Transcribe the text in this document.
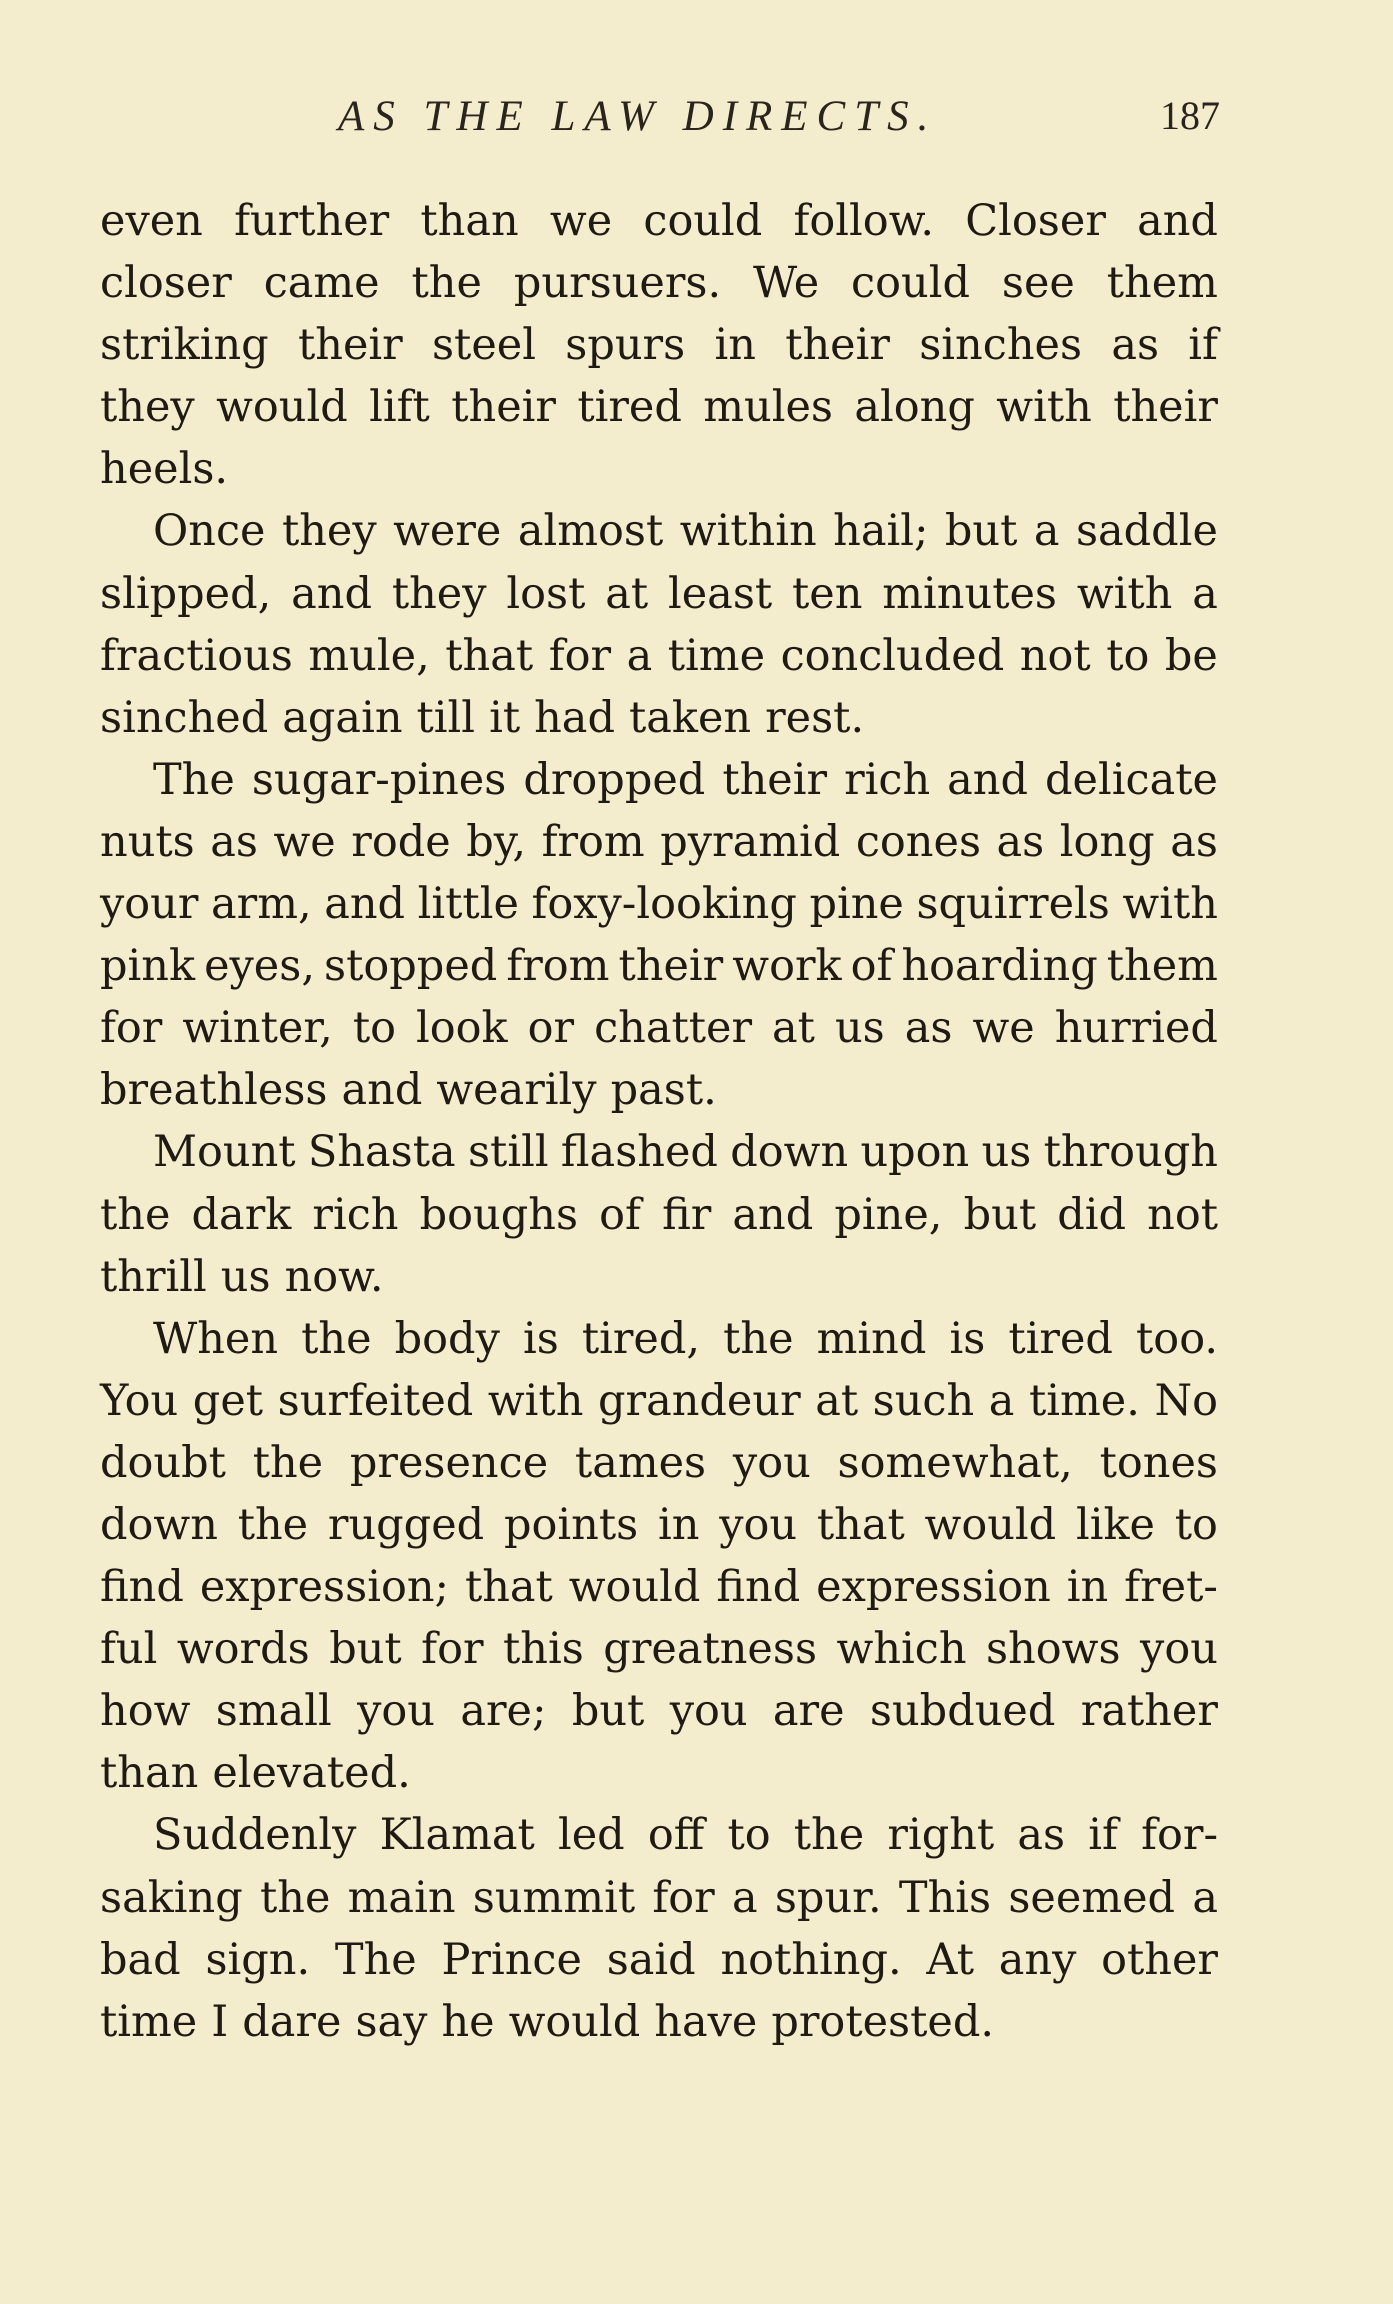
AS THE LAW DIRECTS.	187
even further than we could follow. Closer and
closer came the pursuers. We could see them
striking their steel spurs in their sinches as if
they would lift their tired mules along with their
heels.
Once they were almost within hail; but a saddle
slipped, and they lost at least ten minutes with a
fractious mule, that for a time concluded not to be
sinched again till it had taken rest.
The sugar-pines dropped their rich and delicate
nuts as we rode by, from pyramid cones as long as
your arm, and little foxy-looking pine squirrels with
pink eyes, stopped from their work of hoarding them
for winter, to look or chatter at us as we hurried
breathless and wearily past.
Mount Shasta still flashed down upon us through
the dark rich boughs of fir and pine, but did not
thrill us now.
When the body is tired, the mind is tired too.
You get surfeited with grandeur at such a time. No
doubt the presence tames you somewhat, tones
down the rugged points in you that would like to
find expression; that would find expression in fret-
ful words but for this greatness which shows you
how small you are; but you are subdued rather
than elevated.
Suddenly Klamat led off to the right as if for-
saking the main summit for a spur. This seemed a
bad sign. The Prince said nothing. At any other
time I dare say he would have protested.
